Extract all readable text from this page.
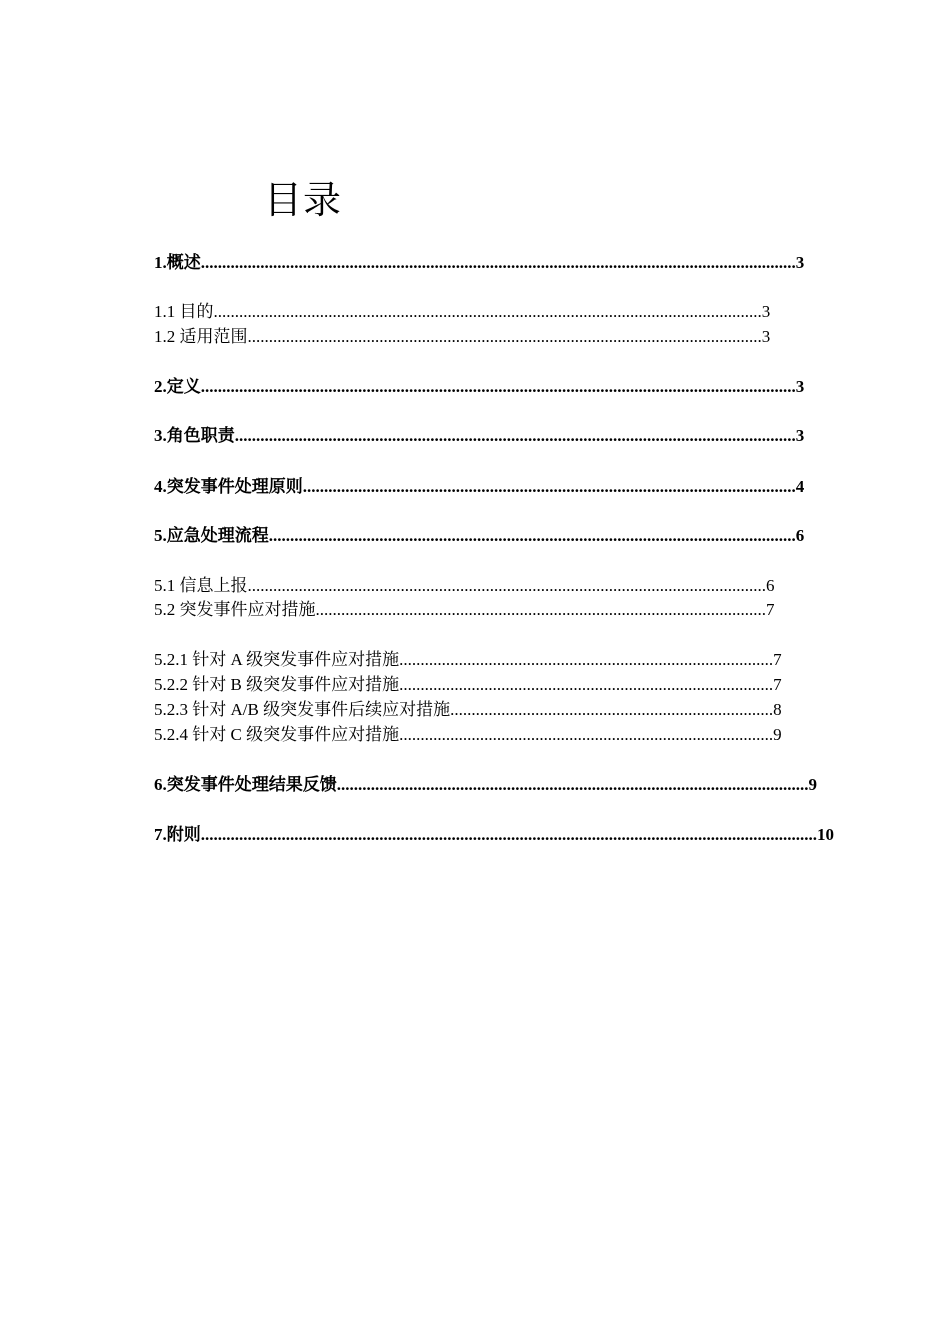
目录
1.概述............................................................................................................................................3
1.1 目的.................................................................................................................................3
1.2 适用范围.........................................................................................................................3
2.定义............................................................................................................................................3
3.角色职责....................................................................................................................................3
4.突发事件处理原则....................................................................................................................4
5.应急处理流程............................................................................................................................6
5.1 信息上报..........................................................................................................................6
5.2 突发事件应对措施..........................................................................................................7
5.2.1 针对 A 级突发事件应对措施........................................................................................7
5.2.2 针对 B 级突发事件应对措施........................................................................................7
5.2.3 针对 A/B 级突发事件后续应对措施............................................................................8
5.2.4 针对 C 级突发事件应对措施........................................................................................9
6.突发事件处理结果反馈...............................................................................................................9
7.附则.................................................................................................................................................10
